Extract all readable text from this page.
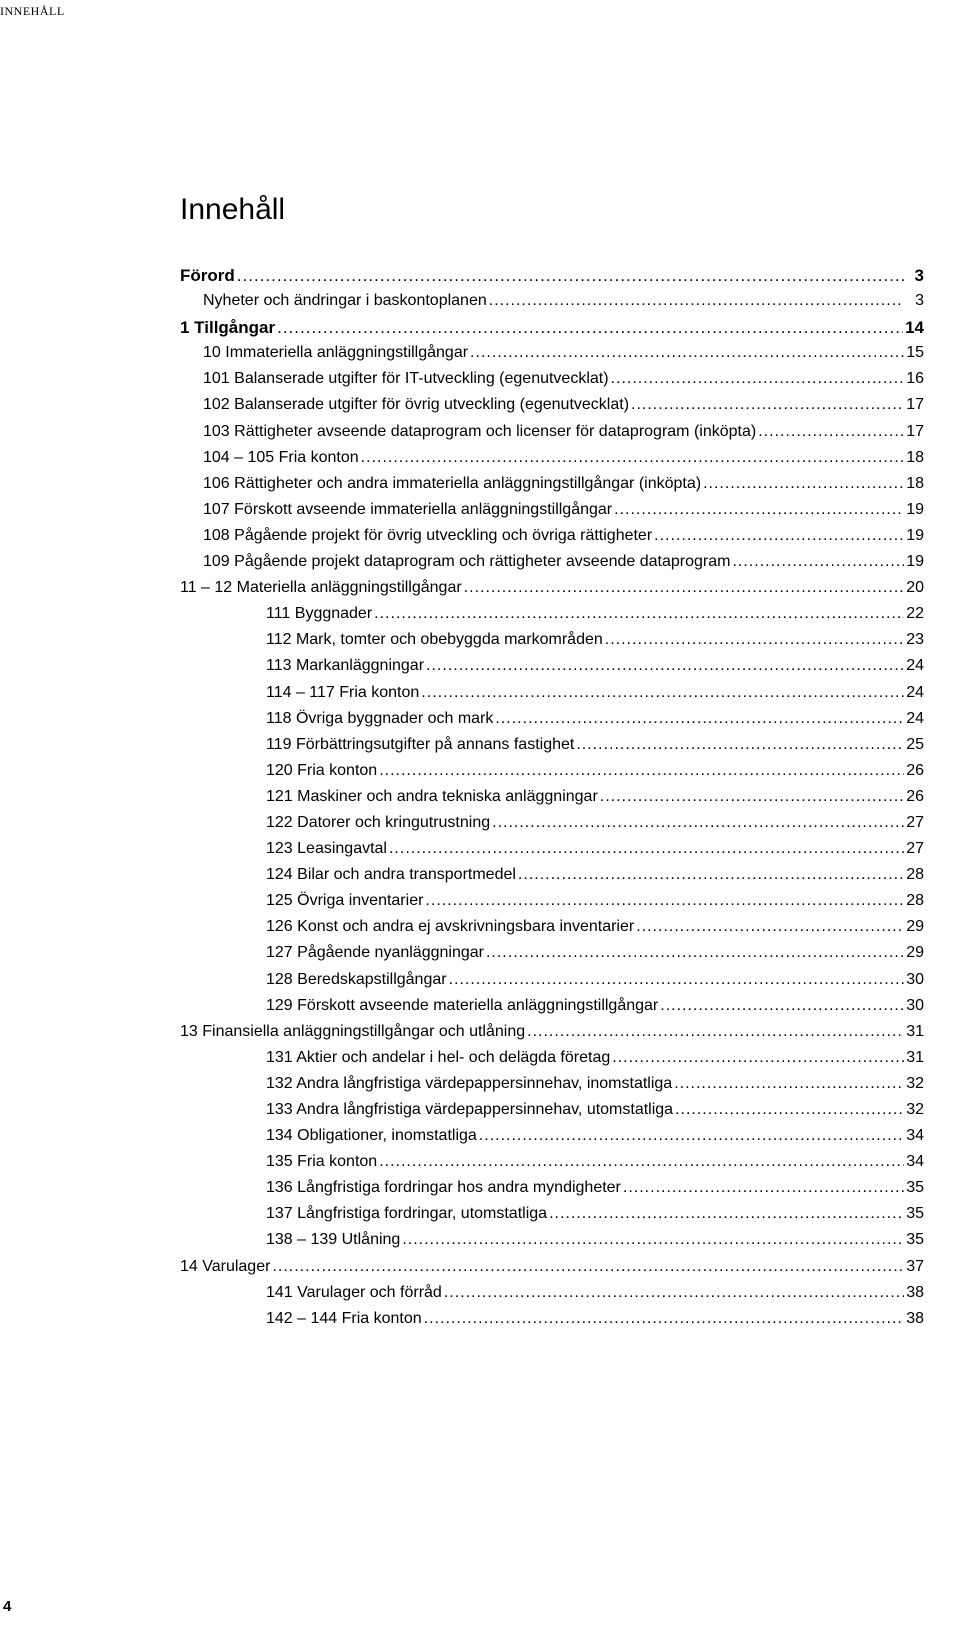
INNEHÅLL
Innehåll
Förord .....	3
Nyheter och ändringar i baskontoplanen .....	3
1 Tillgångar .....	14
10 Immateriella anläggningstillgångar .....	15
101 Balanserade utgifter för IT-utveckling (egenutvecklat) .....	16
102 Balanserade utgifter för övrig utveckling (egenutvecklat) .....	17
103 Rättigheter avseende dataprogram och licenser för dataprogram (inköpta) .....	17
104 – 105 Fria konton .....	18
106 Rättigheter och andra immateriella anläggningstillgångar (inköpta) .....	18
107 Förskott avseende immateriella anläggningstillgångar .....	19
108 Pågående projekt för övrig utveckling och övriga rättigheter .....	19
109 Pågående projekt dataprogram och rättigheter avseende dataprogram .....	19
11 – 12 Materiella anläggningstillgångar .....	20
111 Byggnader .....	22
112 Mark, tomter och obebyggda markområden .....	23
113 Markanläggningar .....	24
114 – 117 Fria konton .....	24
118 Övriga byggnader och mark .....	24
119 Förbättringsutgifter på annans fastighet .....	25
120 Fria konton .....	26
121 Maskiner och andra tekniska anläggningar .....	26
122 Datorer och kringutrustning .....	27
123 Leasingavtal .....	27
124 Bilar och andra transportmedel .....	28
125 Övriga inventarier .....	28
126 Konst och andra ej avskrivningsbara inventarier .....	29
127 Pågående nyanläggningar .....	29
128 Beredskapstillgångar .....	30
129 Förskott avseende materiella anläggningstillgångar .....	30
13 Finansiella anläggningstillgångar och utlåning .....	31
131 Aktier och andelar i hel- och delägda företag .....	31
132 Andra långfristiga värdepappersinnehav, inomstatliga .....	32
133 Andra långfristiga värdepappersinnehav, utomstatliga .....	32
134 Obligationer, inomstatliga .....	34
135 Fria konton .....	34
136 Långfristiga fordringar hos andra myndigheter .....	35
137 Långfristiga fordringar, utomstatliga .....	35
138 – 139 Utlåning .....	35
14 Varulager .....	37
141 Varulager och förråd .....	38
142 – 144 Fria konton .....	38
4
